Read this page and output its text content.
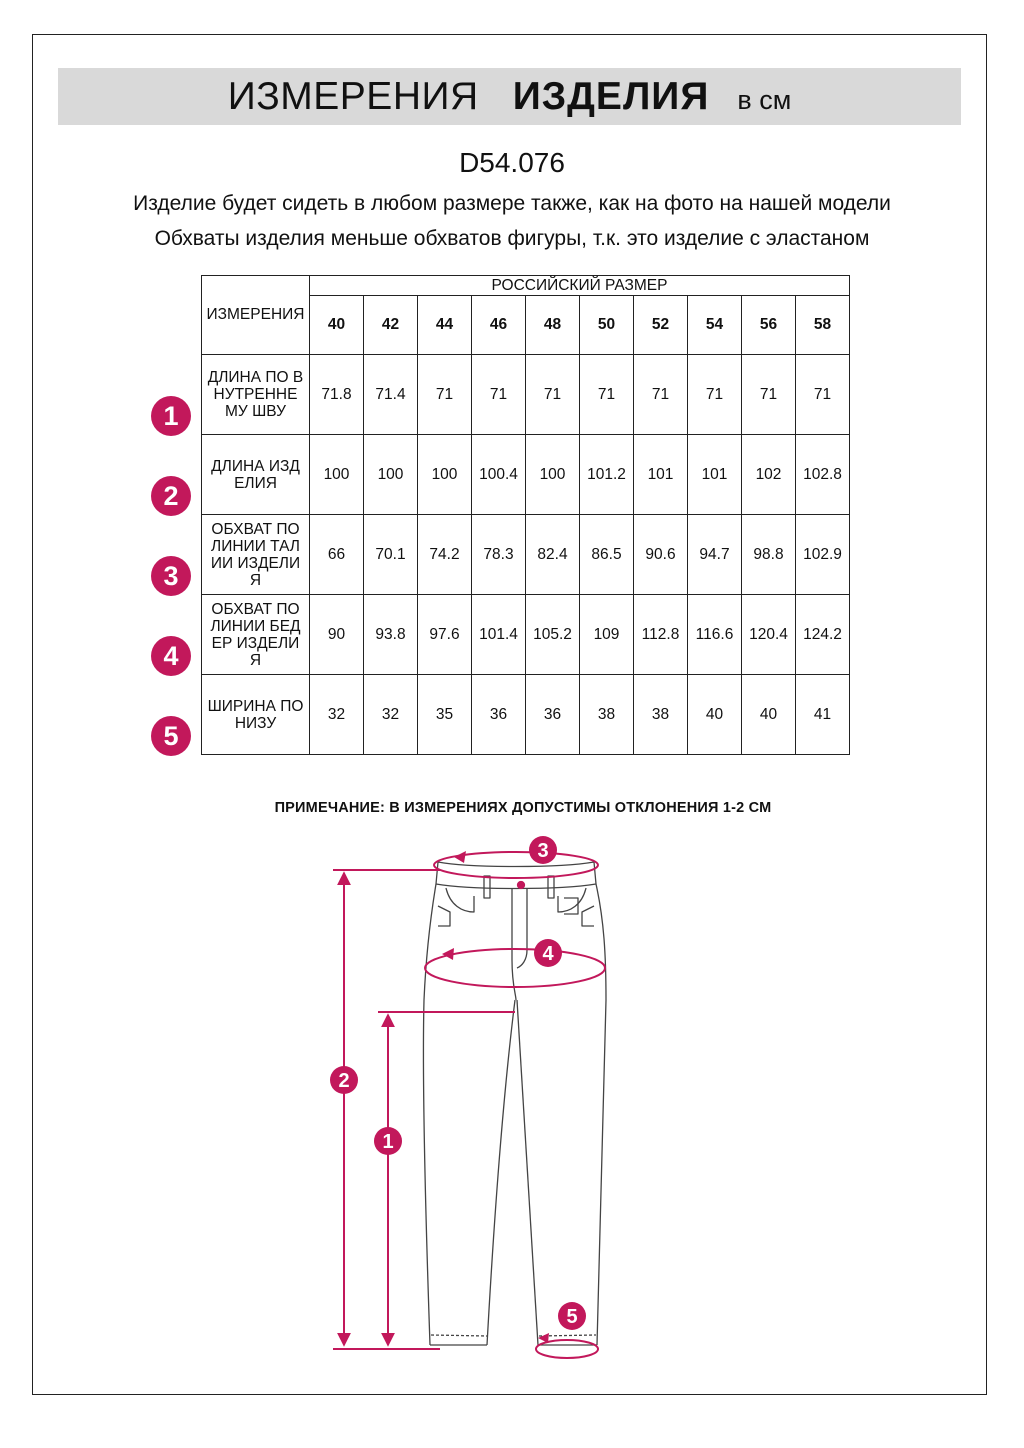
ИЗМЕРЕНИЯ ИЗДЕЛИЯ в см
D54.076
Изделие будет сидеть в любом размере также, как на фото на нашей модели
Обхваты изделия меньше обхватов фигуры, т.к. это изделие с эластаном
ИЗМЕРЕНИЯ	РОССИЙСКИЙ РАЗМЕР									
	40	42	44	46	48	50	52	54	56	58
ДЛИНА ПО ВНУТРЕННЕ МУ ШВУ	71.8	71.4	71	71	71	71	71	71	71	71
ДЛИНА ИЗДЕЛИЯ	100	100	100	100.4	100	101.2	101	101	102	102.8
ОБХВАТ ПО ЛИНИИ ТАЛИИ ИЗДЕЛИЯ	66	70.1	74.2	78.3	82.4	86.5	90.6	94.7	98.8	102.9
ОБХВАТ ПО ЛИНИИ БЕДЕР ИЗДЕЛИЯ	90	93.8	97.6	101.4	105.2	109	112.8	116.6	120.4	124.2
ШИРИНА ПО НИЗУ	32	32	35	36	36	38	38	40	40	41
1
2
3
4
5
ПРИМЕЧАНИЕ: В ИЗМЕРЕНИЯХ ДОПУСТИМЫ ОТКЛОНЕНИЯ 1-2 СМ
3
4
2
1
5
